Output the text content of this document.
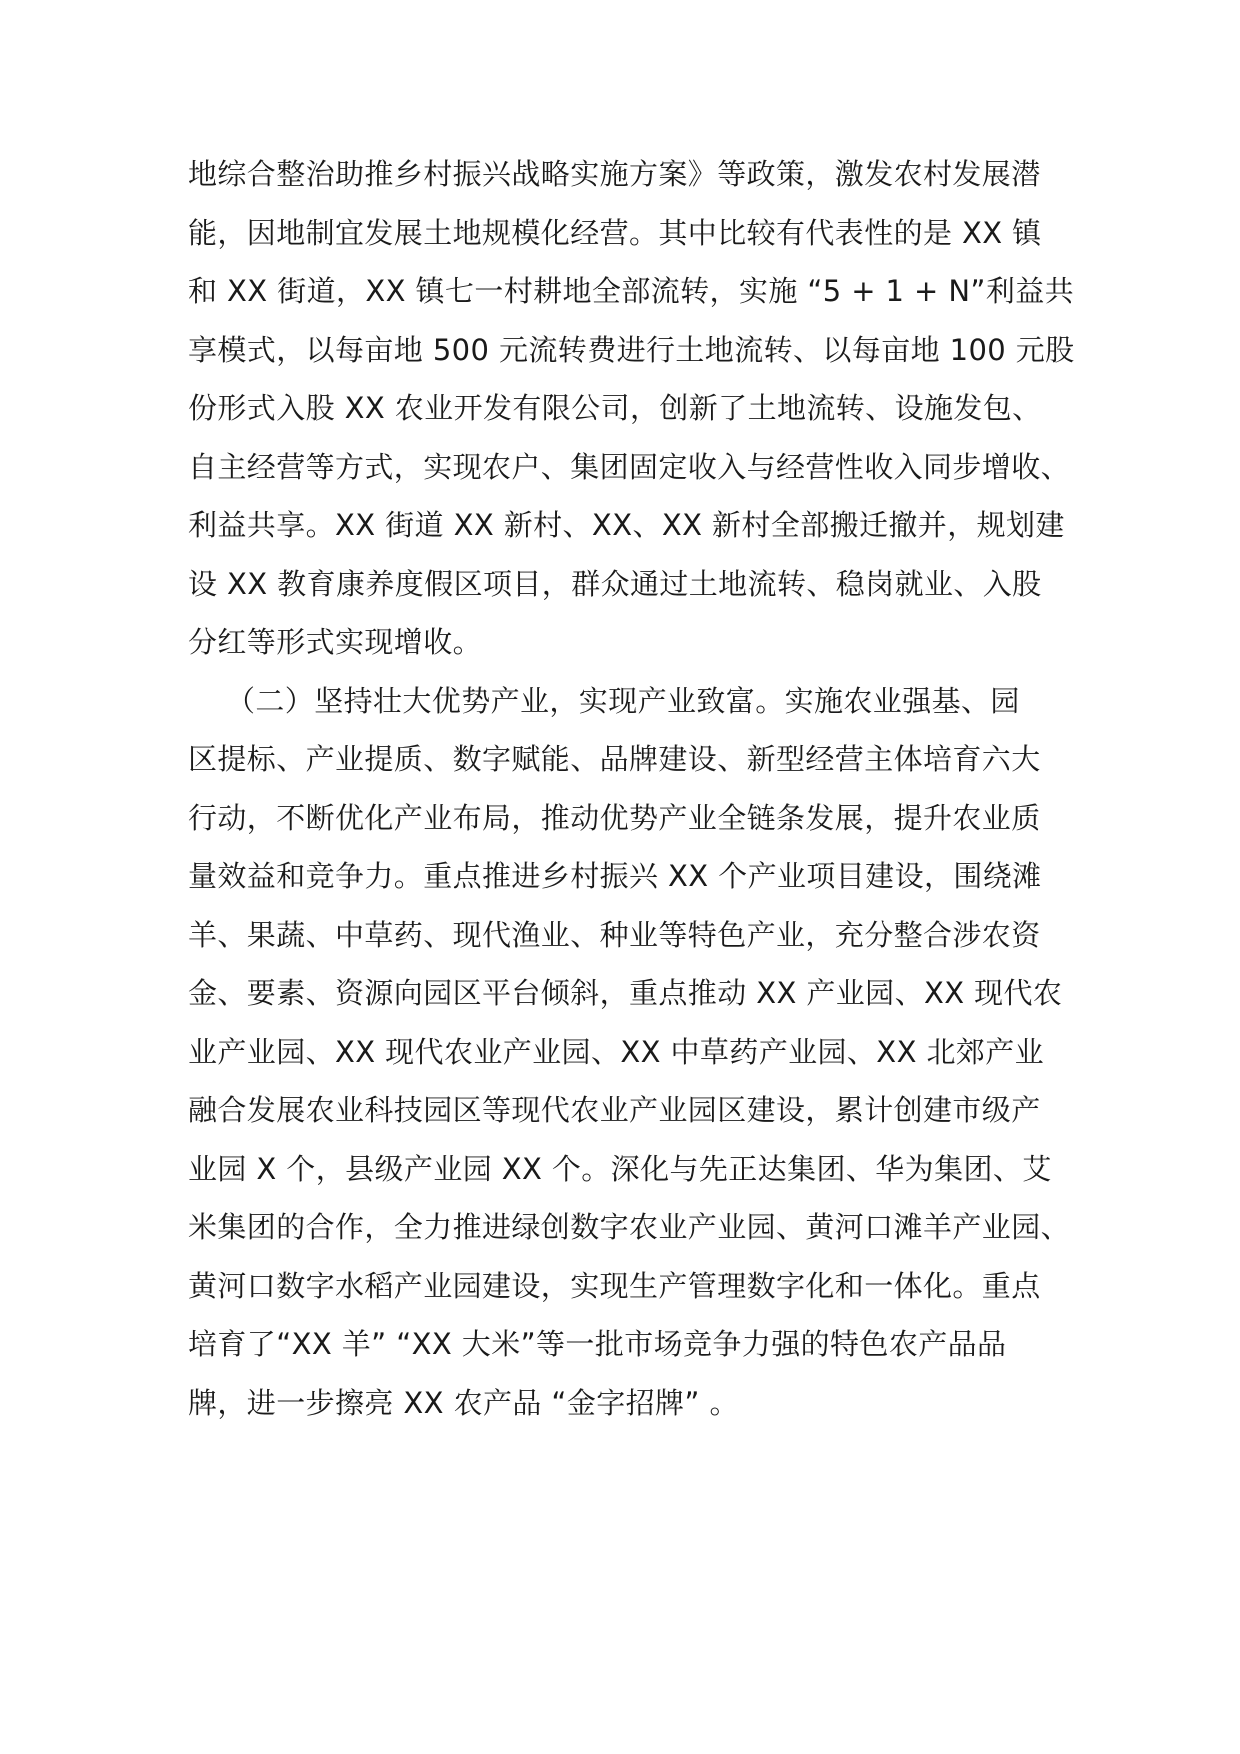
地综合整治助推乡村振兴战略实施方案》等政策，激发农村发展潜
能，因地制宜发展土地规模化经营。其中比较有代表性的是 XX 镇
和 XX 街道，XX 镇七一村耕地全部流转，实施 “5 + 1 + N”利益共
享模式，以每亩地 500 元流转费进行土地流转、以每亩地 100 元股
份形式入股 XX 农业开发有限公司，创新了土地流转、设施发包、
自主经营等方式，实现农户、集团固定收入与经营性收入同步增收、
利益共享。XX 街道 XX 新村、XX、XX 新村全部搬迁撤并，规划建
设 XX 教育康养度假区项目，群众通过土地流转、稳岗就业、入股
分红等形式实现增收。
（二）坚持壮大优势产业，实现产业致富。实施农业强基、园
区提标、产业提质、数字赋能、品牌建设、新型经营主体培育六大
行动，不断优化产业布局，推动优势产业全链条发展，提升农业质
量效益和竞争力。重点推进乡村振兴 XX 个产业项目建设，围绕滩
羊、果蔬、中草药、现代渔业、种业等特色产业，充分整合涉农资
金、要素、资源向园区平台倾斜，重点推动 XX 产业园、XX 现代农
业产业园、XX 现代农业产业园、XX 中草药产业园、XX 北郊产业
融合发展农业科技园区等现代农业产业园区建设，累计创建市级产
业园 X 个，县级产业园 XX 个。深化与先正达集团、华为集团、艾
米集团的合作，全力推进绿创数字农业产业园、黄河口滩羊产业园、
黄河口数字水稻产业园建设，实现生产管理数字化和一体化。重点
培育了“XX 羊” “XX 大米”等一批市场竞争力强的特色农产品品
牌，进一步擦亮 XX 农产品 “金字招牌” 。
